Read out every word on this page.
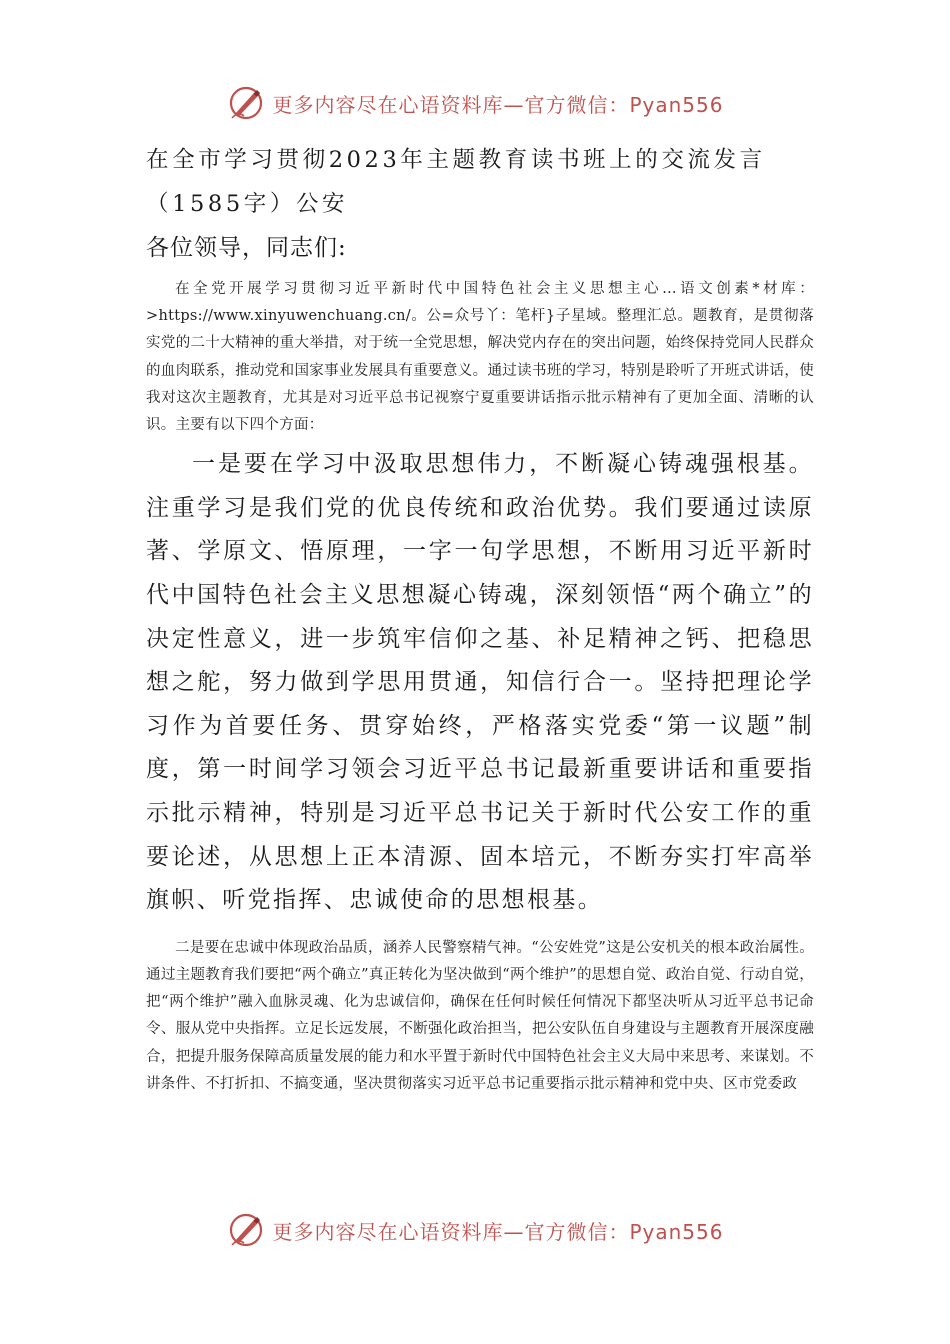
更多内容尽在心语资料库—官方微信：Pyan556
在全市学习贯彻2023年主题教育读书班上的交流发言（1585字）公安

各位领导，同志们:

在全党开展学习贯彻习近平新时代中国特色社会主义思想主心…语文创素*材库：>https://www.xinyuwenchuang.cn/。公=众号丫：笔杆}子星域。整理汇总。题教育，是贯彻落实党的二十大精神的重大举措，对于统一全党思想，解决党内存在的突出问题，始终保持党同人民群众的血肉联系，推动党和国家事业发展具有重要意义。通过读书班的学习，特别是聆听了开班式讲话，使我对这次主题教育，尤其是对习近平总书记视察宁夏重要讲话指示批示精神有了更加全面、清晰的认识。主要有以下四个方面：

一是要在学习中汲取思想伟力，不断凝心铸魂强根基。注重学习是我们党的优良传统和政治优势。我们要通过读原著、学原文、悟原理，一字一句学思想，不断用习近平新时代中国特色社会主义思想凝心铸魂，深刻领悟“两个确立”的决定性意义，进一步筑牢信仰之基、补足精神之钙、把稳思想之舵，努力做到学思用贯通，知信行合一。坚持把理论学习作为首要任务、贯穿始终，严格落实党委“第一议题”制度，第一时间学习领会习近平总书记最新重要讲话和重要指示批示精神，特别是习近平总书记关于新时代公安工作的重要论述，从思想上正本清源、固本培元，不断夯实打牢高举旗帜、听党指挥、忠诚使命的思想根基。

二是要在忠诚中体现政治品质，涵养人民警察精气神。“公安姓党”这是公安机关的根本政治属性。通过主题教育我们要把“两个确立”真正转化为坚决做到“两个维护”的思想自觉、政治自觉、行动自觉，把“两个维护”融入血脉灵魂、化为忠诚信仰，确保在任何时候任何情况下都坚决听从习近平总书记命令、服从党中央指挥。立足长远发展，不断强化政治担当，把公安队伍自身建设与主题教育开展深度融合，把提升服务保障高质量发展的能力和水平置于新时代中国特色社会主义大局中来思考、来谋划。不讲条件、不打折扣、不搞变通，坚决贯彻落实习近平总书记重要指示批示精神和党中央、区市党委政

更多内容尽在心语资料库—官方微信：Pyan556
